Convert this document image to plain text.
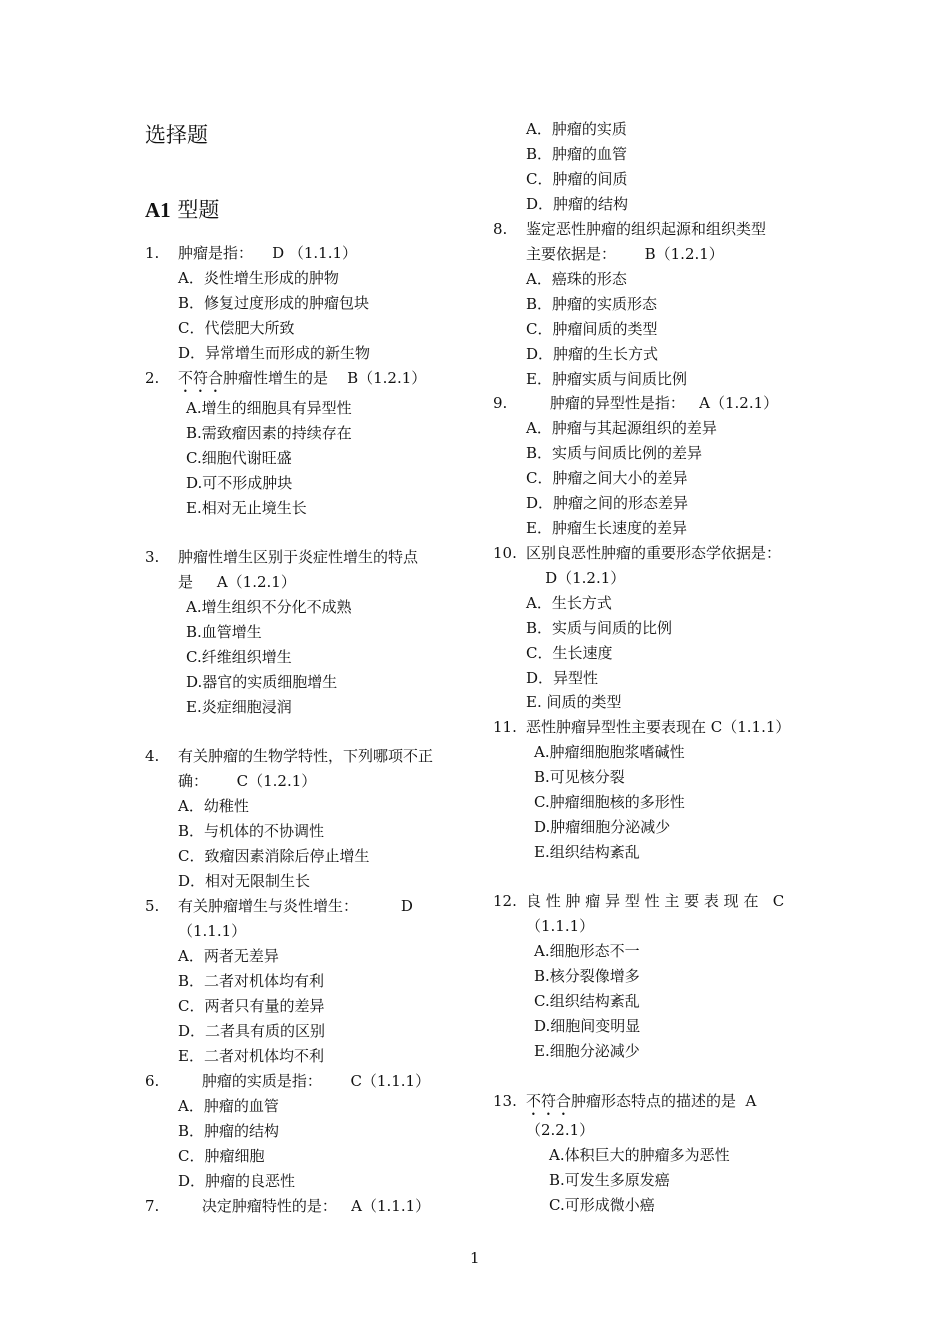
选择题
A1 型题
1. 肿瘤是指：    D （1.1.1）
A．炎性增生形成的肿物
B．修复过度形成的肿瘤包块
C．代偿肥大所致
D．异常增生而形成的新生物
2. 不符合肿瘤性增生的是    B（1.2.1）
A.增生的细胞具有异型性
B.需致瘤因素的持续存在
C.细胞代谢旺盛
D.可不形成肿块
E.相对无止境生长
3. 肿瘤性增生区别于炎症性增生的特点
是     A（1.2.1）
A.增生组织不分化不成熟
B.血管增生
C.纤维组织增生
D.器官的实质细胞增生
E.炎症细胞浸润
4. 有关肿瘤的生物学特性，下列哪项不正
确：      C（1.2.1）
A．幼稚性
B．与机体的不协调性
C．致瘤因素消除后停止增生
D．相对无限制生长
5. 有关肿瘤增生与炎性增生：         D
（1.1.1）
A．两者无差异
B．二者对机体均有利
C．两者只有量的差异
D．二者具有质的区别
E．二者对机体均不利
6. 肿瘤的实质是指：      C（1.1.1）
A．肿瘤的血管
B．肿瘤的结构
C．肿瘤细胞
D．肿瘤的良恶性
7. 决定肿瘤特性的是：   A（1.1.1）
A．肿瘤的实质
B．肿瘤的血管
C．肿瘤的间质
D．肿瘤的结构
8. 鉴定恶性肿瘤的组织起源和组织类型
主要依据是：      B（1.2.1）
A．癌珠的形态
B．肿瘤的实质形态
C．肿瘤间质的类型
D．肿瘤的生长方式
E．肿瘤实质与间质比例
9. 肿瘤的异型性是指：   A（1.2.1）
A．肿瘤与其起源组织的差异
B．实质与间质比例的差异
C．肿瘤之间大小的差异
D．肿瘤之间的形态差异
E．肿瘤生长速度的差异
10. 区别良恶性肿瘤的重要形态学依据是：
D（1.2.1）
A．生长方式
B．实质与间质的比例
C．生长速度
D．异型性
E. 间质的类型
11. 恶性肿瘤异型性主要表现在 C（1.1.1）
A.肿瘤细胞胞浆嗜碱性
B.可见核分裂
C.肿瘤细胞核的多形性
D.肿瘤细胞分泌减少
E.组织结构紊乱
12. 良 性 肿 瘤 异 型 性 主 要 表 现 在   C
（1.1.1）
A.细胞形态不一
B.核分裂像增多
C.组织结构紊乱
D.细胞间变明显
E.细胞分泌减少
13. 不符合肿瘤形态特点的描述的是  A
（2.2.1）
A.体积巨大的肿瘤多为恶性
B.可发生多原发癌
C.可形成微小癌
1
